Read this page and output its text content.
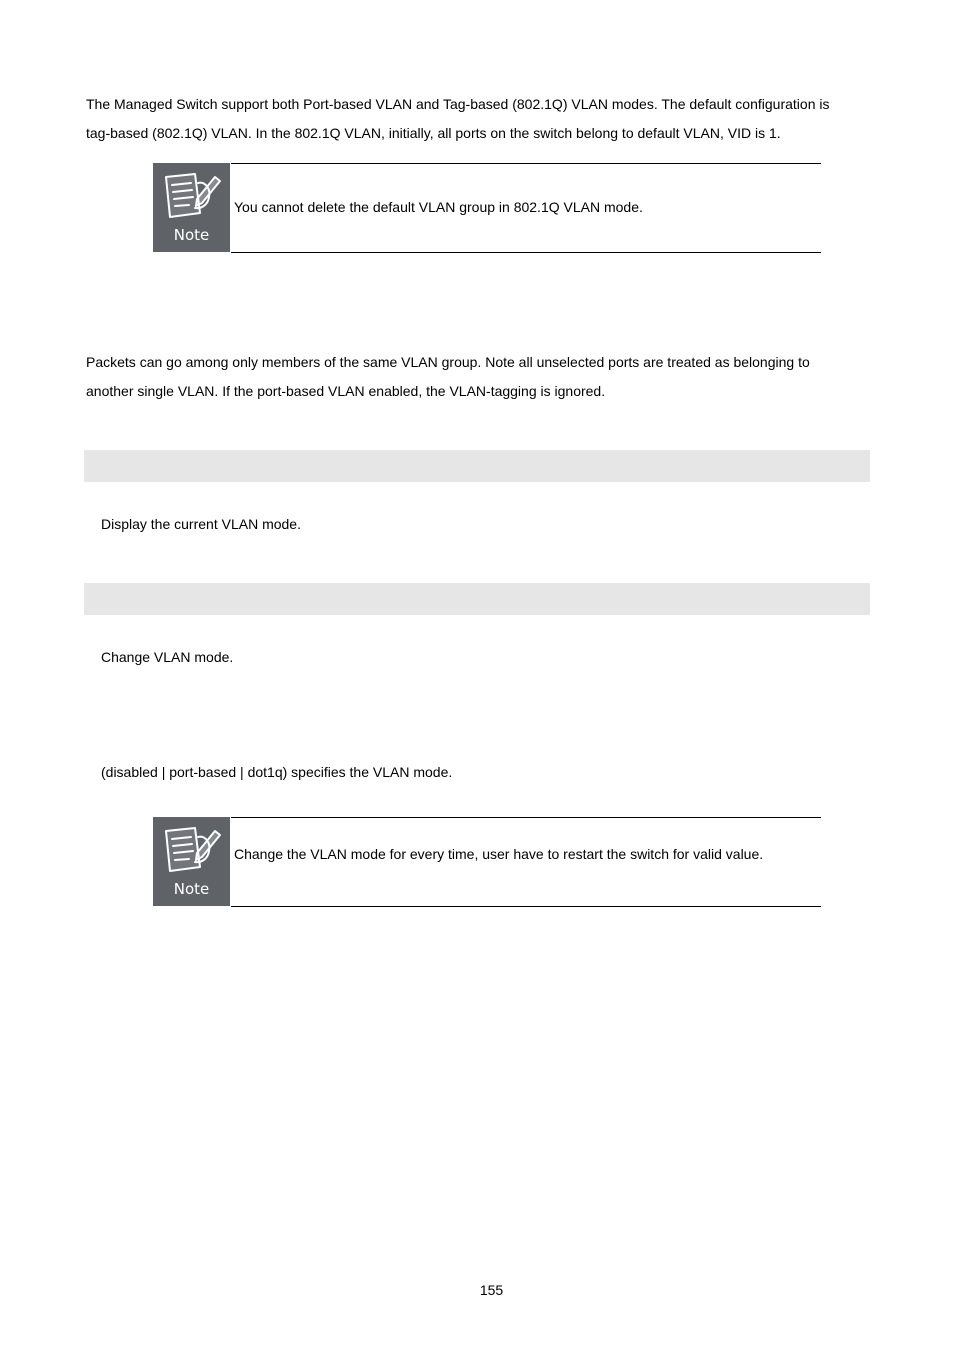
The Managed Switch support both Port-based VLAN and Tag-based (802.1Q) VLAN modes. The default configuration is
tag-based (802.1Q) VLAN. In the 802.1Q VLAN, initially, all ports on the switch belong to default VLAN, VID is 1.

Note
You cannot delete the default VLAN group in 802.1Q VLAN mode.

Packets can go among only members of the same VLAN group. Note all unselected ports are treated as belonging to
another single VLAN. If the port-based VLAN enabled, the VLAN-tagging is ignored.

Display the current VLAN mode.

Change VLAN mode.

(disabled | port-based | dot1q) specifies the VLAN mode.

Note
Change the VLAN mode for every time, user have to restart the switch for valid value.
155
